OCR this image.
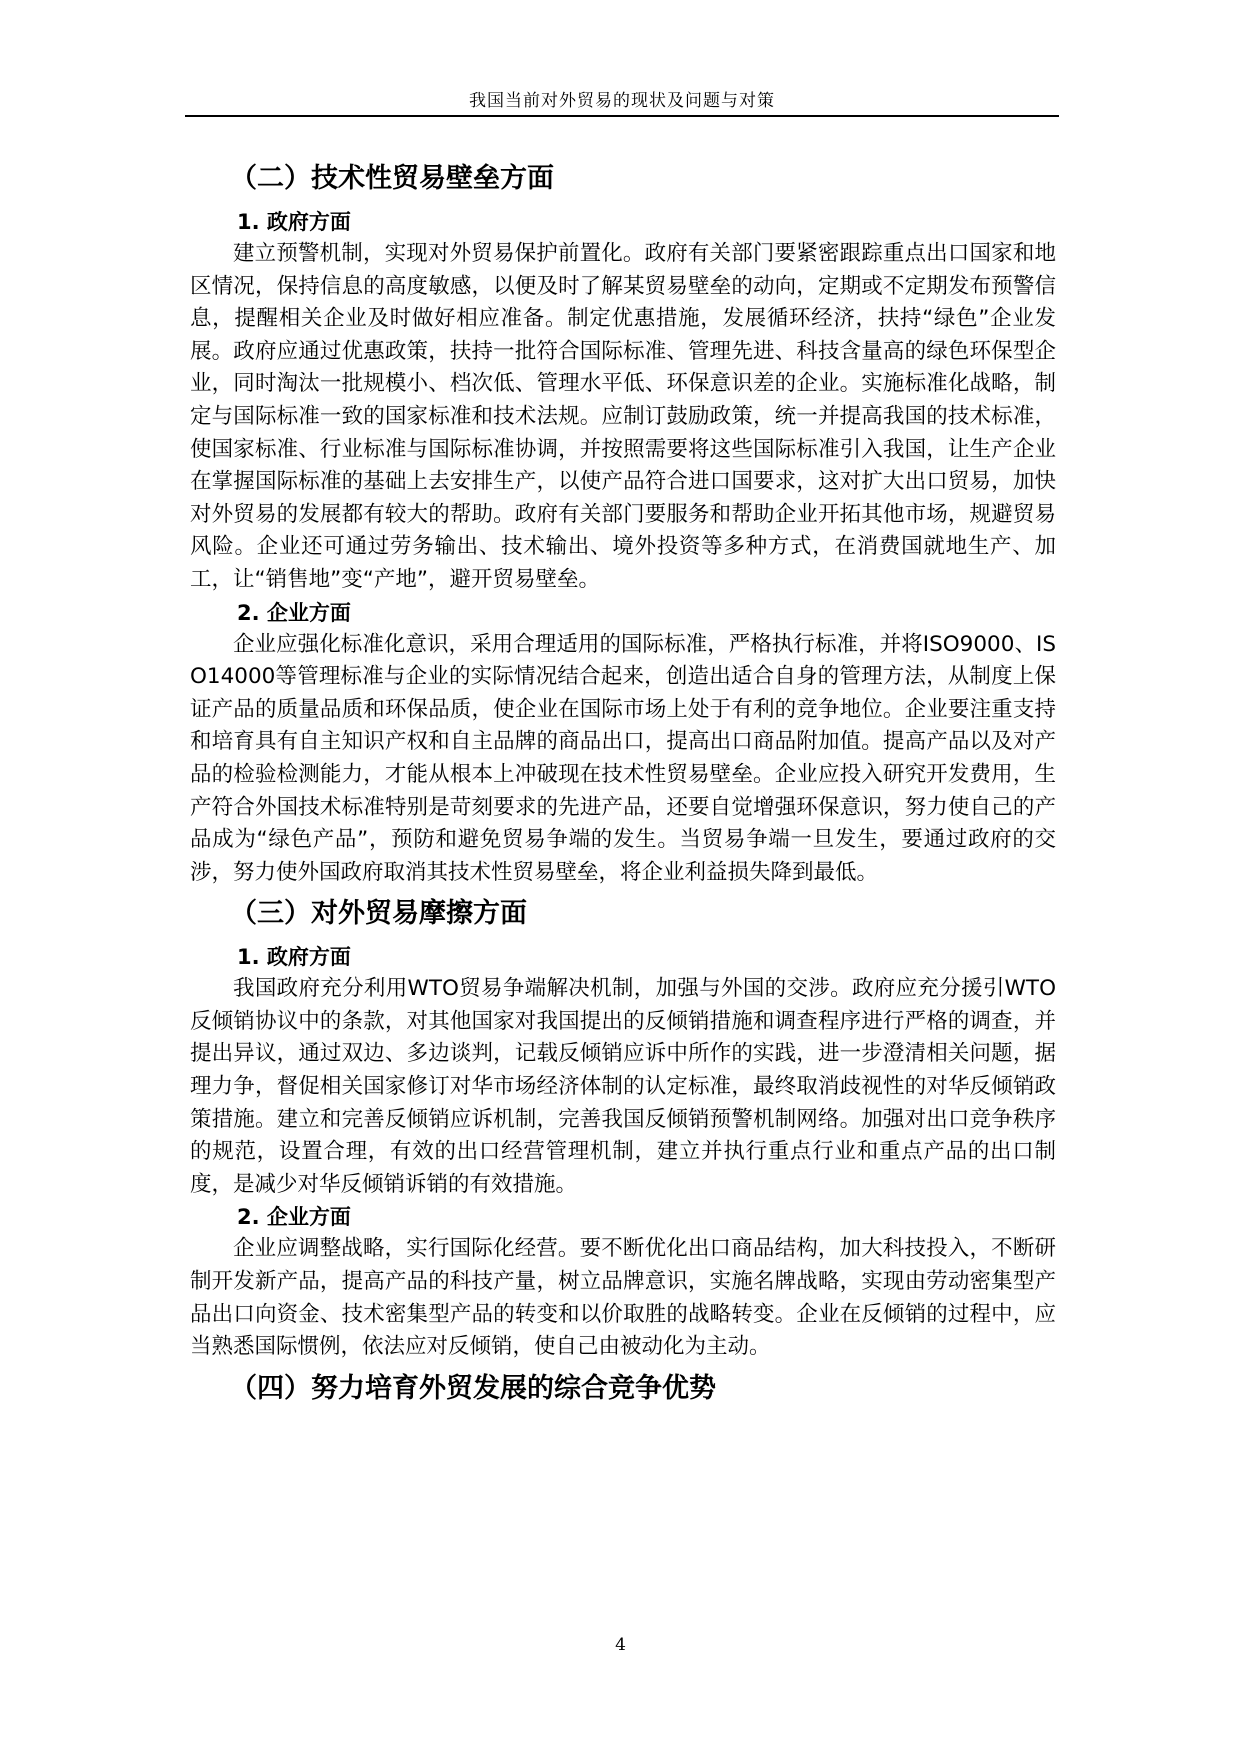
我国当前对外贸易的现状及问题与对策
（二）技术性贸易壁垒方面
1. 政府方面

建立预警机制，实现对外贸易保护前置化。政府有关部门要紧密跟踪重点出口国家和地区情况，保持信息的高度敏感，以便及时了解某贸易壁垒的动向，定期或不定期发布预警信息，提醒相关企业及时做好相应准备。制定优惠措施，发展循环经济，扶持“绿色”企业发展。政府应通过优惠政策，扶持一批符合国际标准、管理先进、科技含量高的绿色环保型企业，同时淘汰一批规模小、档次低、管理水平低、环保意识差的企业。实施标准化战略，制定与国际标准一致的国家标准和技术法规。应制订鼓励政策，统一并提高我国的技术标准，使国家标准、行业标准与国际标准协调，并按照需要将这些国际标准引入我国，让生产企业在掌握国际标准的基础上去安排生产，以使产品符合进口国要求，这对扩大出口贸易，加快对外贸易的发展都有较大的帮助。政府有关部门要服务和帮助企业开拓其他市场，规避贸易风险。企业还可通过劳务输出、技术输出、境外投资等多种方式，在消费国就地生产、加工，让“销售地”变“产地”，避开贸易壁垒。

2. 企业方面

企业应强化标准化意识，采用合理适用的国际标准，严格执行标准，并将ISO9000、ISO14000等管理标准与企业的实际情况结合起来，创造出适合自身的管理方法，从制度上保证产品的质量品质和环保品质，使企业在国际市场上处于有利的竞争地位。企业要注重支持和培育具有自主知识产权和自主品牌的商品出口，提高出口商品附加值。提高产品以及对产品的检验检测能力，才能从根本上冲破现在技术性贸易壁垒。企业应投入研究开发费用，生产符合外国技术标准特别是苛刻要求的先进产品，还要自觉增强环保意识，努力使自己的产品成为“绿色产品”，预防和避免贸易争端的发生。当贸易争端一旦发生，要通过政府的交涉，努力使外国政府取消其技术性贸易壁垒，将企业利益损失降到最低。

（三）对外贸易摩擦方面
1. 政府方面

我国政府充分利用WTO贸易争端解决机制，加强与外国的交涉。政府应充分援引WTO反倾销协议中的条款，对其他国家对我国提出的反倾销措施和调查程序进行严格的调查，并提出异议，通过双边、多边谈判，记载反倾销应诉中所作的实践，进一步澄清相关问题，据理力争，督促相关国家修订对华市场经济体制的认定标准，最终取消歧视性的对华反倾销政策措施。建立和完善反倾销应诉机制，完善我国反倾销预警机制网络。加强对出口竞争秩序的规范，设置合理，有效的出口经营管理机制，建立并执行重点行业和重点产品的出口制度，是减少对华反倾销诉销的有效措施。

2. 企业方面

企业应调整战略，实行国际化经营。要不断优化出口商品结构，加大科技投入，不断研制开发新产品，提高产品的科技产量，树立品牌意识，实施名牌战略，实现由劳动密集型产品出口向资金、技术密集型产品的转变和以价取胜的战略转变。企业在反倾销的过程中，应当熟悉国际惯例，依法应对反倾销，使自己由被动化为主动。

（四）努力培育外贸发展的综合竞争优势
4
